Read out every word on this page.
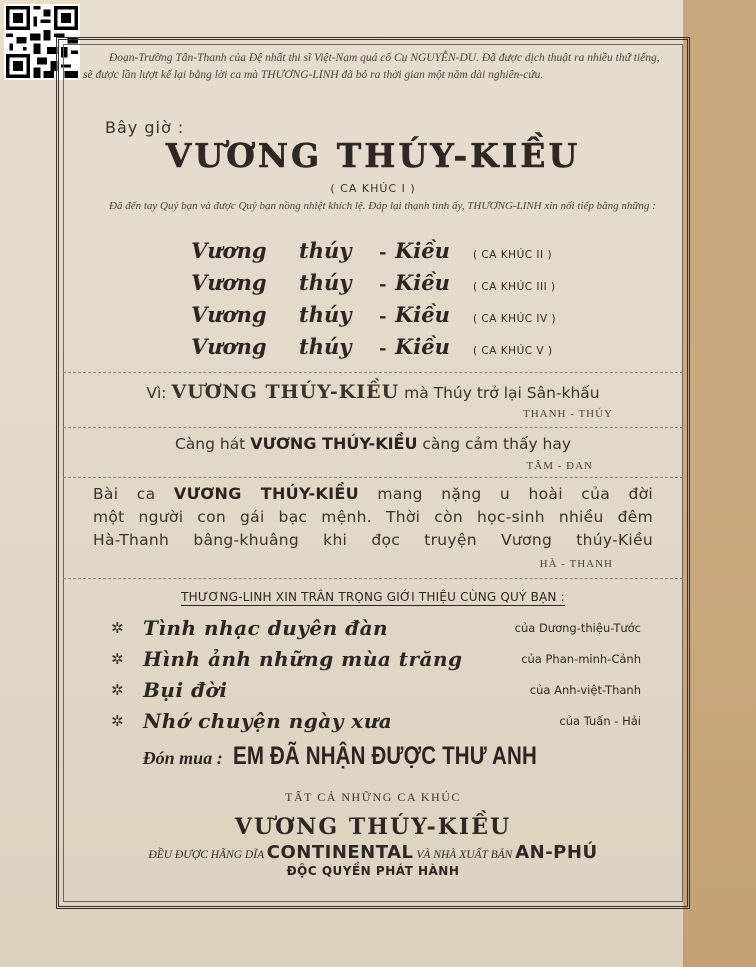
Đoạn-Trường Tân-Thanh của Đệ nhất thi sĩ Việt-Nam quá cố Cụ NGUYỄN-DU. Đã được dịch thuật ra nhiều thứ tiếng, sẽ được lần lượt kể lại bằng lời ca mà THƯƠNG-LINH đã bỏ ra thời gian một năm dài nghiên-cứu.

Bây giờ :
VƯƠNG THÚY-KIỀU
( CA KHÚC I )

Đã đến tay Quý bạn và được Quý bạn nồng nhiệt khích lệ. Đáp lại thạnh tình ấy, THƯƠNG-LINH xin nối tiếp bằng những :

Vương	thúy	- Kiều	( CA KHÚC II )
Vương	thúy	- Kiều	( CA KHÚC III )
Vương	thúy	- Kiều	( CA KHÚC IV )
Vương	thúy	- Kiều	( CA KHÚC V )
Vì: VƯƠNG THÚY-KIỀU mà Thúy trở lại Sân-khấu
THANH - THÚY
Càng hát VƯƠNG THÚY-KIỀU càng cảm thấy hay
TÂM - ĐAN
Bài ca VƯƠNG THÚY-KIỀU mang nặng u hoài của đời
một người con gái bạc mệnh. Thời còn học-sinh nhiều đêm
Hà-Thanh bâng-khuâng khi đọc truyện Vương thúy-Kiều
HÀ - THANH
THƯƠNG-LINH XIN TRÂN TRỌNG GIỚI THIỆU CÙNG QUÝ BẠN :
✲ Tình nhạc duyên đàn	của Dương-thiệu-Tước
✲ Hình ảnh những mùa trăng	của Phan-minh-Cảnh
✲ Bụi đời	của Anh-việt-Thanh
✲ Nhớ chuyện ngày xưa	của Tuấn - Hải
Đón mua : EM ĐÃ NHẬN ĐƯỢC THƯ ANH
TẤT CẢ NHỮNG CA KHÚC
VƯƠNG THÚY-KIỀU
ĐỀU ĐƯỢC HÃNG DĨA CONTINENTAL VÀ NHÀ XUẤT BẢN AN-PHÚ
ĐỘC QUYỀN PHÁT HÀNH
